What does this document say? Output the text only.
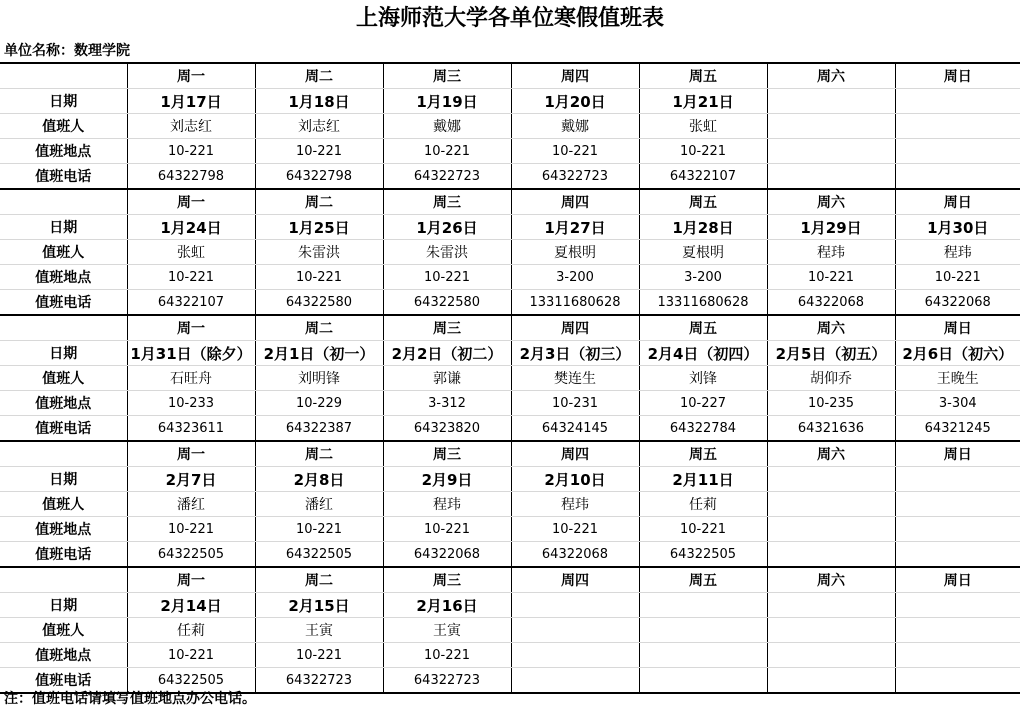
上海师范大学各单位寒假值班表
单位名称：数理学院
	周一	周二	周三	周四	周五	周六	周日
日期	1月17日	1月18日	1月19日	1月20日	1月21日		
值班人	刘志红	刘志红	戴娜	戴娜	张虹		
值班地点	10-221	10-221	10-221	10-221	10-221		
值班电话	64322798	64322798	64322723	64322723	64322107		
	周一	周二	周三	周四	周五	周六	周日
日期	1月24日	1月25日	1月26日	1月27日	1月28日	1月29日	1月30日
值班人	张虹	朱雷洪	朱雷洪	夏根明	夏根明	程玮	程玮
值班地点	10-221	10-221	10-221	3-200	3-200	10-221	10-221
值班电话	64322107	64322580	64322580	13311680628	13311680628	64322068	64322068
	周一	周二	周三	周四	周五	周六	周日
日期	1月31日（除夕）	2月1日（初一）	2月2日（初二）	2月3日（初三）	2月4日（初四）	2月5日（初五）	2月6日（初六）
值班人	石旺舟	刘明锋	郭谦	樊连生	刘锋	胡仰乔	王晚生
值班地点	10-233	10-229	3-312	10-231	10-227	10-235	3-304
值班电话	64323611	64322387	64323820	64324145	64322784	64321636	64321245
	周一	周二	周三	周四	周五	周六	周日
日期	2月7日	2月8日	2月9日	2月10日	2月11日		
值班人	潘红	潘红	程玮	程玮	任莉		
值班地点	10-221	10-221	10-221	10-221	10-221		
值班电话	64322505	64322505	64322068	64322068	64322505		
	周一	周二	周三	周四	周五	周六	周日
日期	2月14日	2月15日	2月16日				
值班人	任莉	王寅	王寅				
值班地点	10-221	10-221	10-221				
值班电话	64322505	64322723	64322723				
注：值班电话请填写值班地点办公电话。
